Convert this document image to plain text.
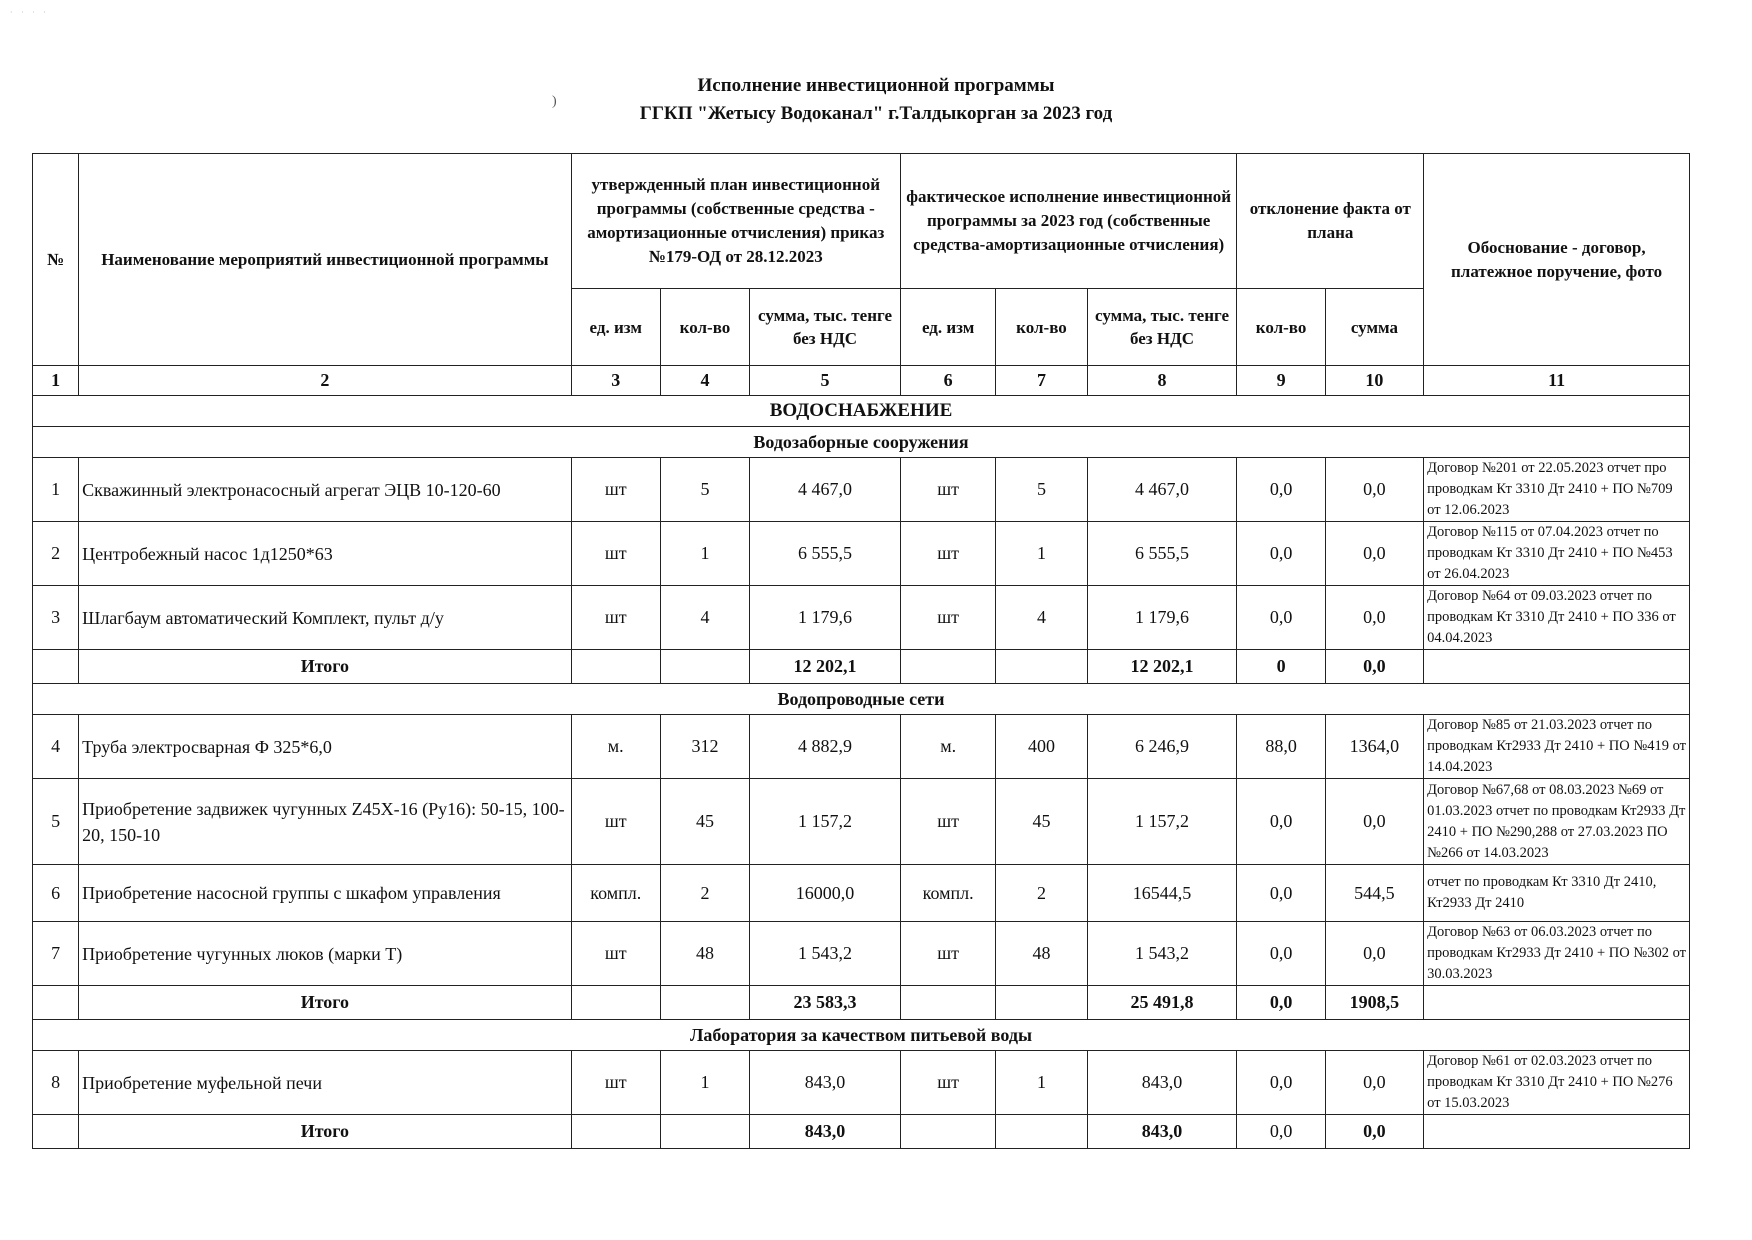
· · · ·
)
Исполнение инвестиционной программы
ГГКП "Жетысу Водоканал" г.Талдыкорган за 2023 год
№	Наименование мероприятий инвестиционной программы	утвержденный план инвестиционной программы (собственные средства - амортизационные отчисления) приказ №179-ОД от 28.12.2023			фактическое исполнение инвестиционной программы за 2023 год (собственные средства-амортизационные отчисления)			отклонение факта от плана		Обоснование - договор, платежное поручение, фото
		ед. изм	кол-во	сумма, тыс. тенге без НДС	ед. изм	кол-во	сумма, тыс. тенге без НДС	кол-во	сумма	
1	2	3	4	5	6	7	8	9	10	11
ВОДОСНАБЖЕНИЕ										
Водозаборные сооружения										
1	Скважинный электронасосный агрегат ЭЦВ 10-120-60	шт	5	4 467,0	шт	5	4 467,0	0,0	0,0	Договор №201 от 22.05.2023 отчет про проводкам Кт 3310 Дт 2410 + ПО №709 от 12.06.2023
2	Центробежный насос 1д1250*63	шт	1	6 555,5	шт	1	6 555,5	0,0	0,0	Договор №115 от 07.04.2023 отчет по проводкам Кт 3310 Дт 2410 + ПО №453 от 26.04.2023
3	Шлагбаум автоматический Комплект, пульт д/у	шт	4	1 179,6	шт	4	1 179,6	0,0	0,0	Договор №64 от 09.03.2023 отчет по проводкам Кт 3310 Дт 2410 + ПО 336 от 04.04.2023
	Итого			12 202,1			12 202,1	0	0,0	
Водопроводные сети										
4	Труба электросварная Ф 325*6,0	м.	312	4 882,9	м.	400	6 246,9	88,0	1364,0	Договор №85 от 21.03.2023 отчет по проводкам Кт2933 Дт 2410 + ПО №419 от 14.04.2023
5	Приобретение задвижек чугунных Z45X-16 (Ру16): 50-15, 100-20, 150-10	шт	45	1 157,2	шт	45	1 157,2	0,0	0,0	Договор №67,68 от 08.03.2023 №69 от 01.03.2023 отчет по проводкам Кт2933 Дт 2410 + ПО №290,288 от 27.03.2023 ПО №266 от 14.03.2023
6	Приобретение насосной группы с шкафом управления	компл.	2	16000,0	компл.	2	16544,5	0,0	544,5	отчет по проводкам Кт 3310 Дт 2410, Кт2933 Дт 2410
7	Приобретение чугунных люков (марки Т)	шт	48	1 543,2	шт	48	1 543,2	0,0	0,0	Договор №63 от 06.03.2023 отчет по проводкам Кт2933 Дт 2410 + ПО №302 от 30.03.2023
	Итого			23 583,3			25 491,8	0,0	1908,5	
Лаборатория за качеством питьевой воды										
8	Приобретение муфельной печи	шт	1	843,0	шт	1	843,0	0,0	0,0	Договор №61 от 02.03.2023 отчет по проводкам Кт 3310 Дт 2410 + ПО №276 от 15.03.2023
	Итого			843,0			843,0	0,0	0,0	
